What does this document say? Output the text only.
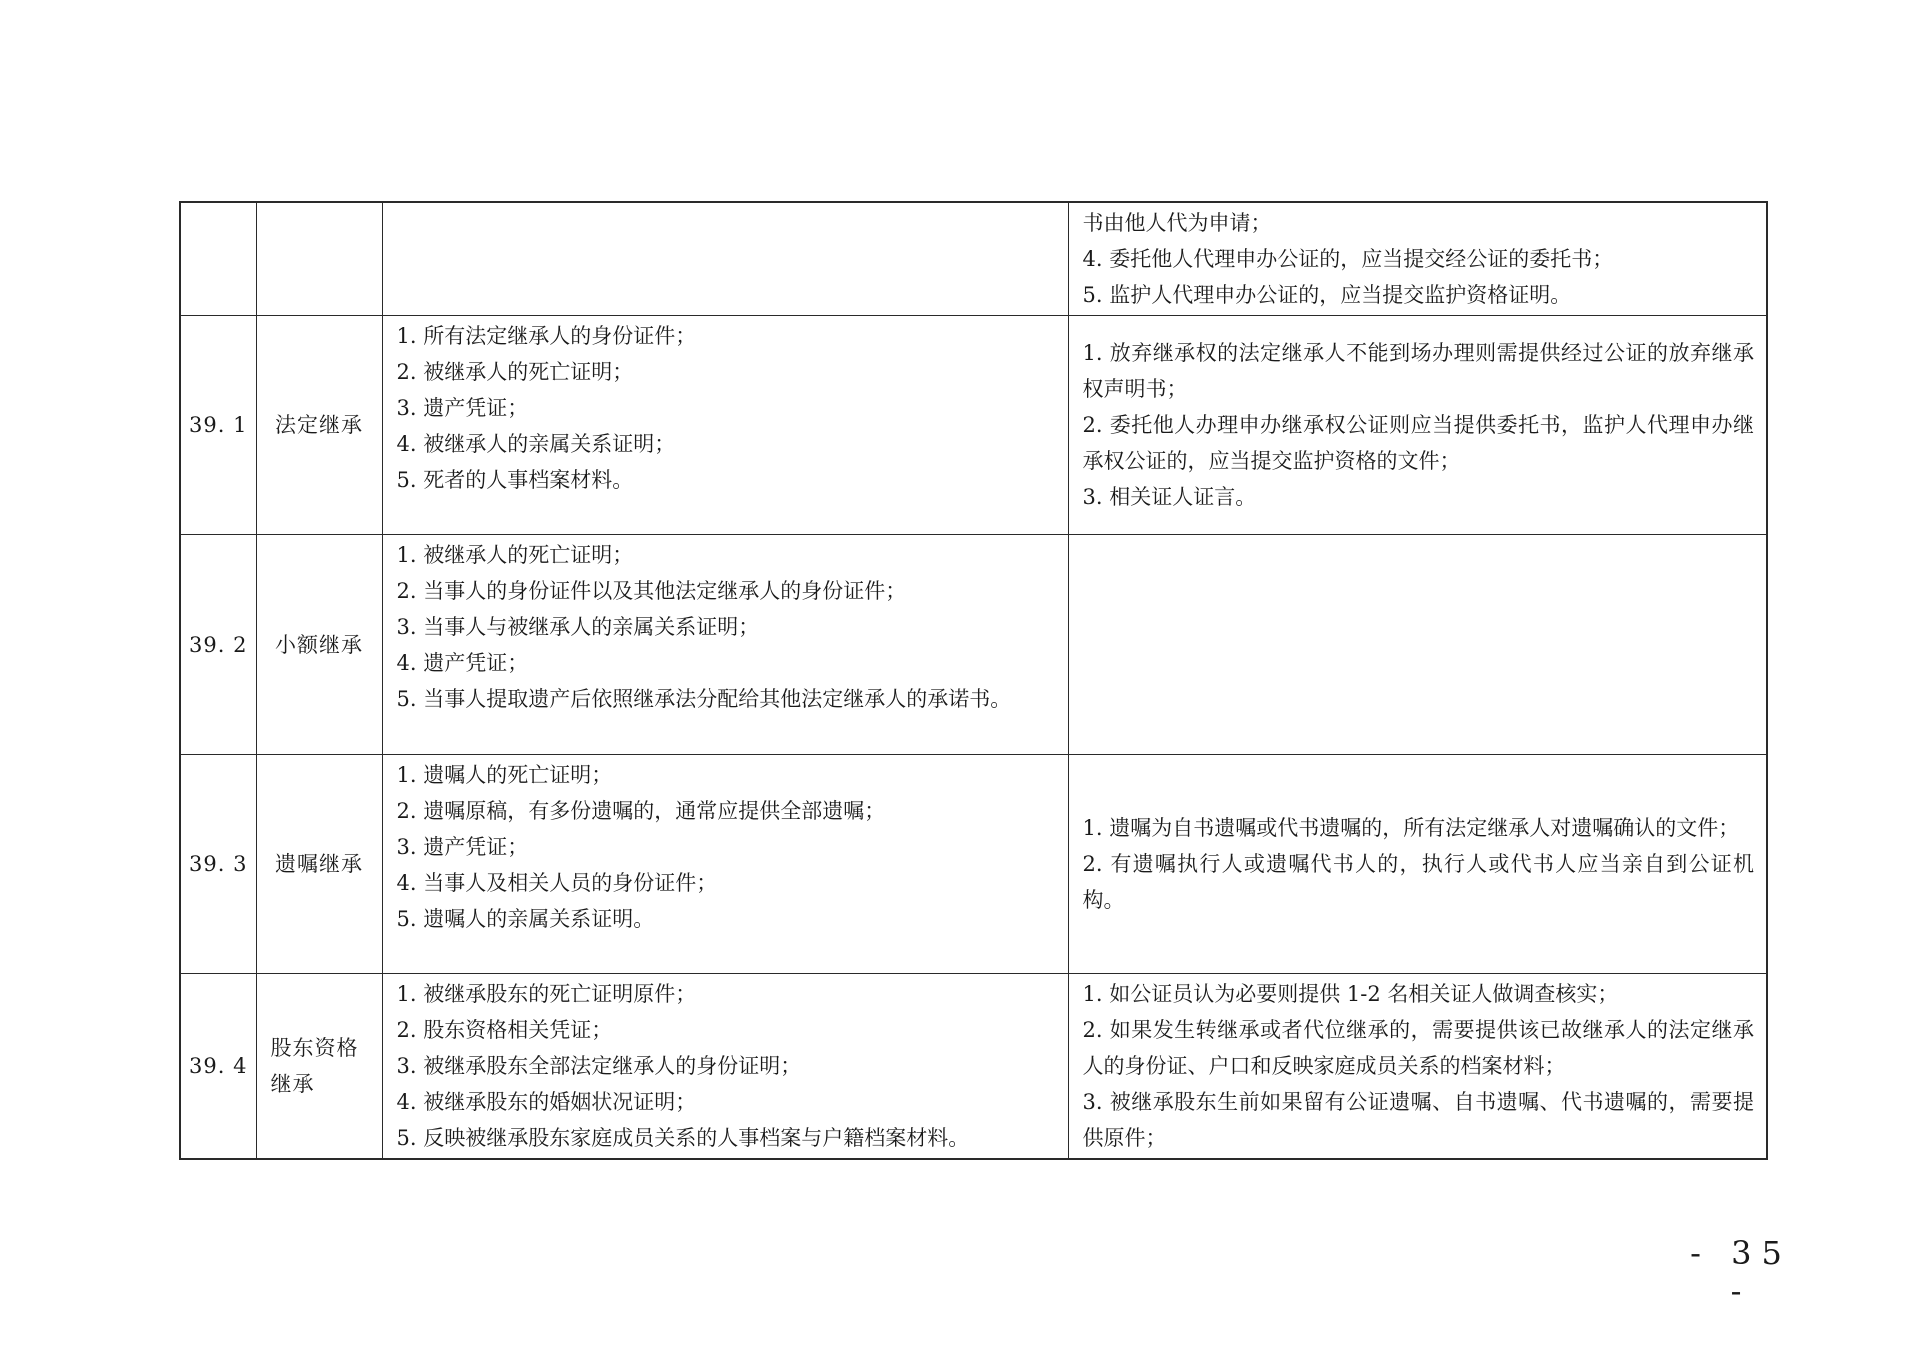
			书由他人代为申请；
4. 委托他人代理申办公证的，应当提交经公证的委托书；
5. 监护人代理申办公证的，应当提交监护资格证明。

39. 1	法定继承	1. 所有法定继承人的身份证件；
2. 被继承人的死亡证明；
3. 遗产凭证；
4. 被继承人的亲属关系证明；
5. 死者的人事档案材料。	1. 放弃继承权的法定继承人不能到场办理则需提供经过公证的放弃继承权声明书；
2. 委托他人办理申办继承权公证则应当提供委托书，监护人代理申办继承权公证的，应当提交监护资格的文件；
3. 相关证人证言。

39. 2	小额继承	1. 被继承人的死亡证明；
2. 当事人的身份证件以及其他法定继承人的身份证件；
3. 当事人与被继承人的亲属关系证明；
4. 遗产凭证；
5. 当事人提取遗产后依照继承法分配给其他法定继承人的承诺书。	

39. 3	遗嘱继承	1. 遗嘱人的死亡证明；
2. 遗嘱原稿，有多份遗嘱的，通常应提供全部遗嘱；
3. 遗产凭证；
4. 当事人及相关人员的身份证件；
5. 遗嘱人的亲属关系证明。	1. 遗嘱为自书遗嘱或代书遗嘱的，所有法定继承人对遗嘱确认的文件；
2. 有遗嘱执行人或遗嘱代书人的，执行人或代书人应当亲自到公证机构。

39. 4	股东资格继承	1. 被继承股东的死亡证明原件；
2. 股东资格相关凭证；
3. 被继承股东全部法定继承人的身份证明；
4. 被继承股东的婚姻状况证明；
5. 反映被继承股东家庭成员关系的人事档案与户籍档案材料。	1. 如公证员认为必要则提供 1-2 名相关证人做调查核实；
2. 如果发生转继承或者代位继承的，需要提供该已故继承人的法定继承人的身份证、户口和反映家庭成员关系的档案材料；
3. 被继承股东生前如果留有公证遗嘱、自书遗嘱、代书遗嘱的，需要提供原件；
- 35 -
